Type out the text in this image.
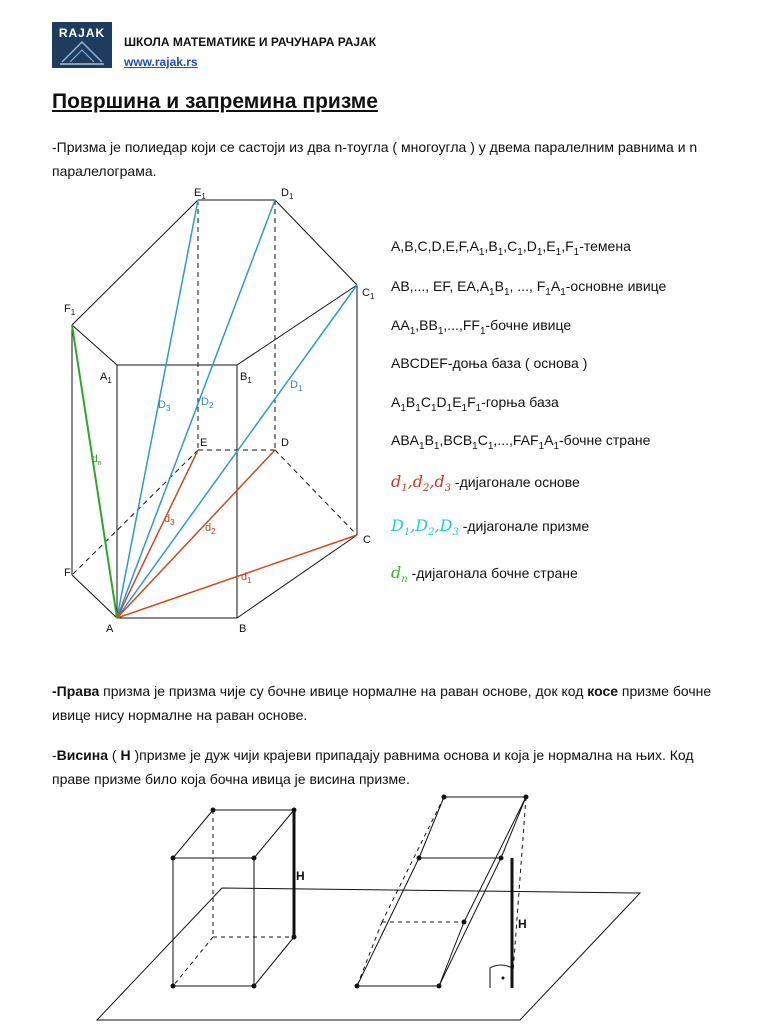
RAJAK
ШКОЛА МАТЕМАТИКЕ И РАЧУНАРА РАЈАК
www.rajak.rs
Површина и запремина призме
-Призма је полиедар који се састоји из два n-тоугла ( многоугла ) у двема паралелним равнима и n паралелограма.
$E_1$	$D_1$
$C_1$
$F_1$
$A_1$	$B_1$
E	D
C
F
A	B
$D_3$
$D_2$
$D_1$
$d_3$	$d_2$
$d_1$
$d_n$
H
H
$A,B,C,D,E,F,A_1,B_1,C_1,D_1,E_1,F_1$-темена
AB,..., EF, $EA,A_1B_1$, ..., $F_1A_1$-основне ивице
$AA_1,BB_1,...,FF_1$-бочне ивице
ABCDEF-доња база ( основа )
$A_1B_1C_1D_1E_1F_1$-горња база
$ABA_1B_1,BCB_1C_1,...,FAF_1A_1$-бочне стране
$d_1,d_2,d_3$ -дијагонале основе
$D_1,D_2,D_3$ -дијагонале призме
$d_n$ -дијагонала бочне стране
-Права призма је призма чије су бочне ивице нормалне на раван основе, док код косе призме бочне ивице нису нормалне на раван основе.
-Висина ( H )призме је дуж чији крајеви припадају равнима основа и која је нормална на њих. Код праве призме било која бочна ивица је висина призме.
